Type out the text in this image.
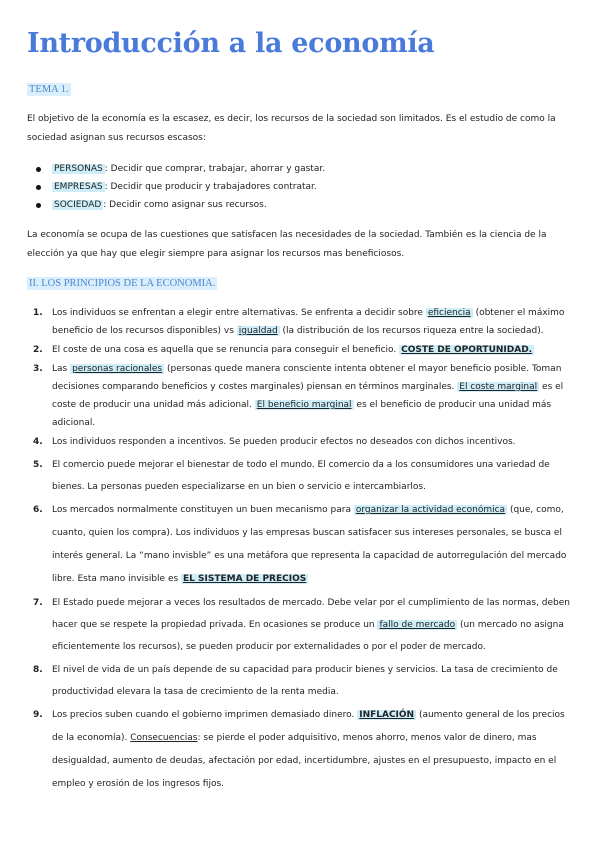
Introducción a la economía
TEMA 1.

El objetivo de la economía es la escasez, es decir, los recursos de la sociedad son limitados. Es el estudio de como la sociedad asignan sus recursos escasos:

PERSONAS : Decidir que comprar, trabajar, ahorrar y gastar.
EMPRESAS : Decidir que producir y trabajadores contratar.
SOCIEDAD : Decidir como asignar sus recursos.

La economía se ocupa de las cuestiones que satisfacen las necesidades de la sociedad. También es la ciencia de la elección ya que hay que elegir siempre para asignar los recursos mas beneficiosos.

II. LOS PRINCIPIOS DE LA ECONOMIA.
1. Los individuos se enfrentan a elegir entre alternativas. Se enfrenta a decidir sobre eficiencia (obtener el máximo beneficio de los recursos disponibles) vs igualdad (la distribución de los recursos riqueza entre la sociedad).
2. El coste de una cosa es aquella que se renuncia para conseguir el beneficio. COSTE DE OPORTUNIDAD.
3. Las personas racionales (personas quede manera consciente intenta obtener el mayor beneficio posible. Toman decisiones comparando beneficios y costes marginales) piensan en términos marginales. El coste marginal es el coste de producir una unidad más adicional. El beneficio marginal es el beneficio de producir una unidad más adicional.
4. Los individuos responden a incentivos. Se pueden producir efectos no deseados con dichos incentivos.
5. El comercio puede mejorar el bienestar de todo el mundo. El comercio da a los consumidores una variedad de bienes. La personas pueden especializarse en un bien o servicio e intercambiarlos.
6. Los mercados normalmente constituyen un buen mecanismo para organizar la actividad económica (que, como, cuanto, quien los compra). Los individuos y las empresas buscan satisfacer sus intereses personales, se busca el interés general. La “mano invisble” es una metáfora que representa la capacidad de autorregulación del mercado libre. Esta mano invisible es EL SISTEMA DE PRECIOS
7. El Estado puede mejorar a veces los resultados de mercado. Debe velar por el cumplimiento de las normas, deben hacer que se respete la propiedad privada. En ocasiones se produce un fallo de mercado (un mercado no asigna eficientemente los recursos), se pueden producir por externalidades o por el poder de mercado.
8. El nivel de vida de un país depende de su capacidad para producir bienes y servicios. La tasa de crecimiento de productividad elevara la tasa de crecimiento de la renta media.
9. Los precios suben cuando el gobierno imprimen demasiado dinero. INFLACIÓN (aumento general de los precios de la economía). Consecuencias: se pierde el poder adquisitivo, menos ahorro, menos valor de dinero, mas desigualdad, aumento de deudas, afectación por edad, incertidumbre, ajustes en el presupuesto, impacto en el empleo y erosión de los ingresos fijos.
